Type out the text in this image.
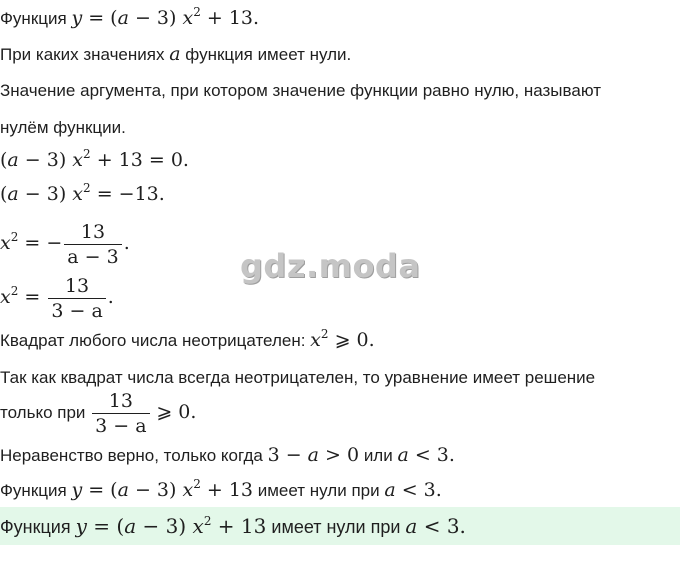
Функция y = (a − 3) $x^2 + 13$.
При каких значениях a функция имеет нули.
Значение аргумента, при котором значение функции равно нулю, называют
нулём функции.
(a − 3) $x^2 + 13 = 0$.
(a − 3) $x^2 = -13$.
$x^2$ = − $\frac{13}{a - 3}$ .
$x^2 = \frac{13}{3 - a}$ .
Квадрат любого числа неотрицателен: $x^2$ ⩾ 0.
Так как квадрат числа всегда неотрицателен, то уравнение имеет решение
только при $\frac{13}{3 - a}$ ⩾ 0.
Неравенство верно, только когда 3 − a > 0 или a < 3.
Функция y = (a − 3) $x^2 + 13$ имеет нули при a < 3.
Функция y = (a − 3) $x^2 + 13$ имеет нули при a < 3.
gdz.moda
